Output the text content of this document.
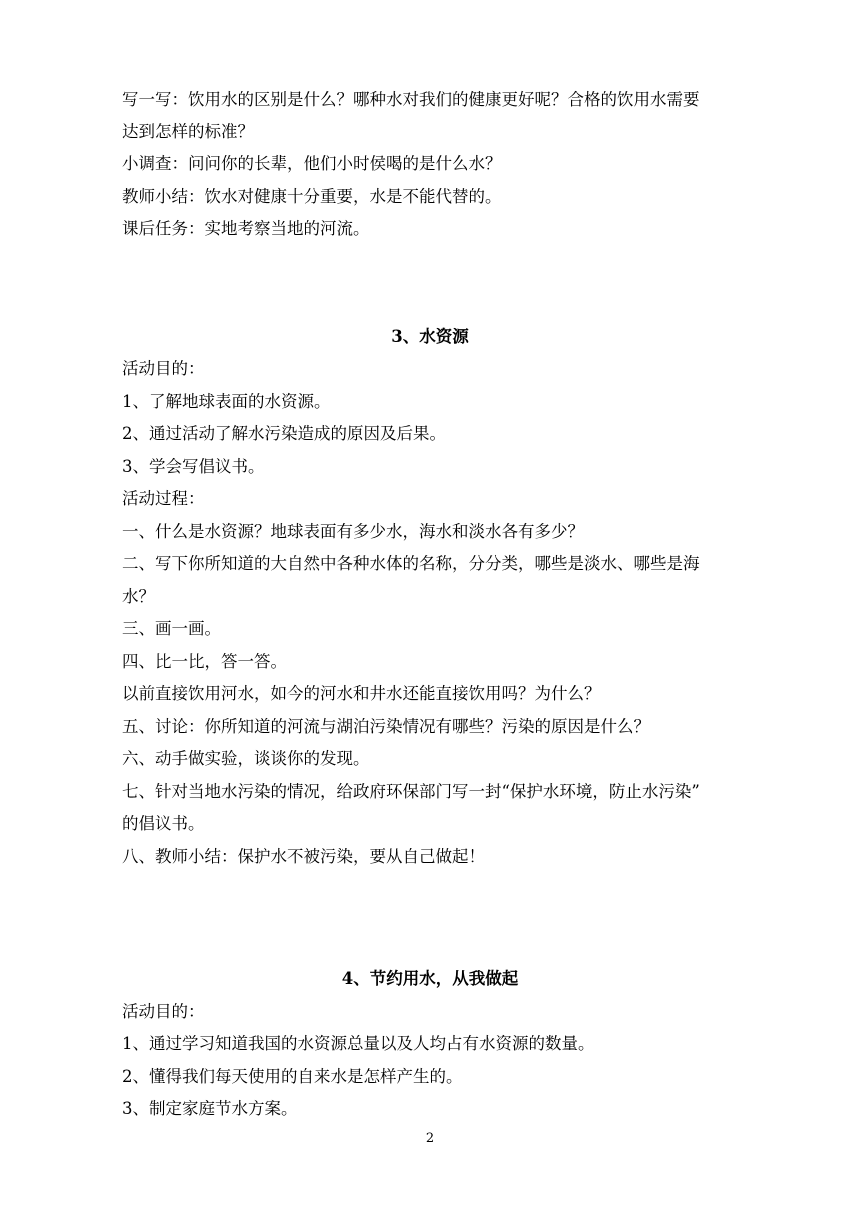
写一写：饮用水的区别是什么？哪种水对我们的健康更好呢？合格的饮用水需要
达到怎样的标准？
小调查：问问你的长辈，他们小时侯喝的是什么水？
教师小结：饮水对健康十分重要，水是不能代替的。
课后任务：实地考察当地的河流。
3、水资源
活动目的：
1、了解地球表面的水资源。
2、通过活动了解水污染造成的原因及后果。
3、学会写倡议书。
活动过程：
一、什么是水资源？地球表面有多少水，海水和淡水各有多少？
二、写下你所知道的大自然中各种水体的名称，分分类，哪些是淡水、哪些是海
水？
三、画一画。
四、比一比，答一答。
以前直接饮用河水，如今的河水和井水还能直接饮用吗？为什么？
五、讨论：你所知道的河流与湖泊污染情况有哪些？污染的原因是什么？
六、动手做实验，谈谈你的发现。
七、针对当地水污染的情况，给政府环保部门写一封“保护水环境，防止水污染”
的倡议书。
八、教师小结：保护水不被污染，要从自己做起！
4、节约用水，从我做起
活动目的：
1、通过学习知道我国的水资源总量以及人均占有水资源的数量。
2、懂得我们每天使用的自来水是怎样产生的。
3、制定家庭节水方案。
2
